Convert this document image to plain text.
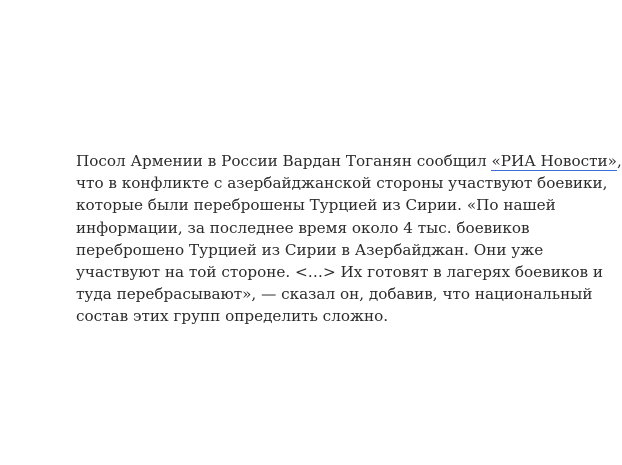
Посол Армении в России Вардан Тоганян сообщил «РИА Новости»,
что в конфликте с азербайджанской стороны участвуют боевики,
которые были переброшены Турцией из Сирии. «По нашей
информации, за последнее время около 4 тыс. боевиков
переброшено Турцией из Сирии в Азербайджан. Они уже
участвуют на той стороне. <…> Их готовят в лагерях боевиков и
туда перебрасывают», — сказал он, добавив, что национальный
состав этих групп определить сложно.
